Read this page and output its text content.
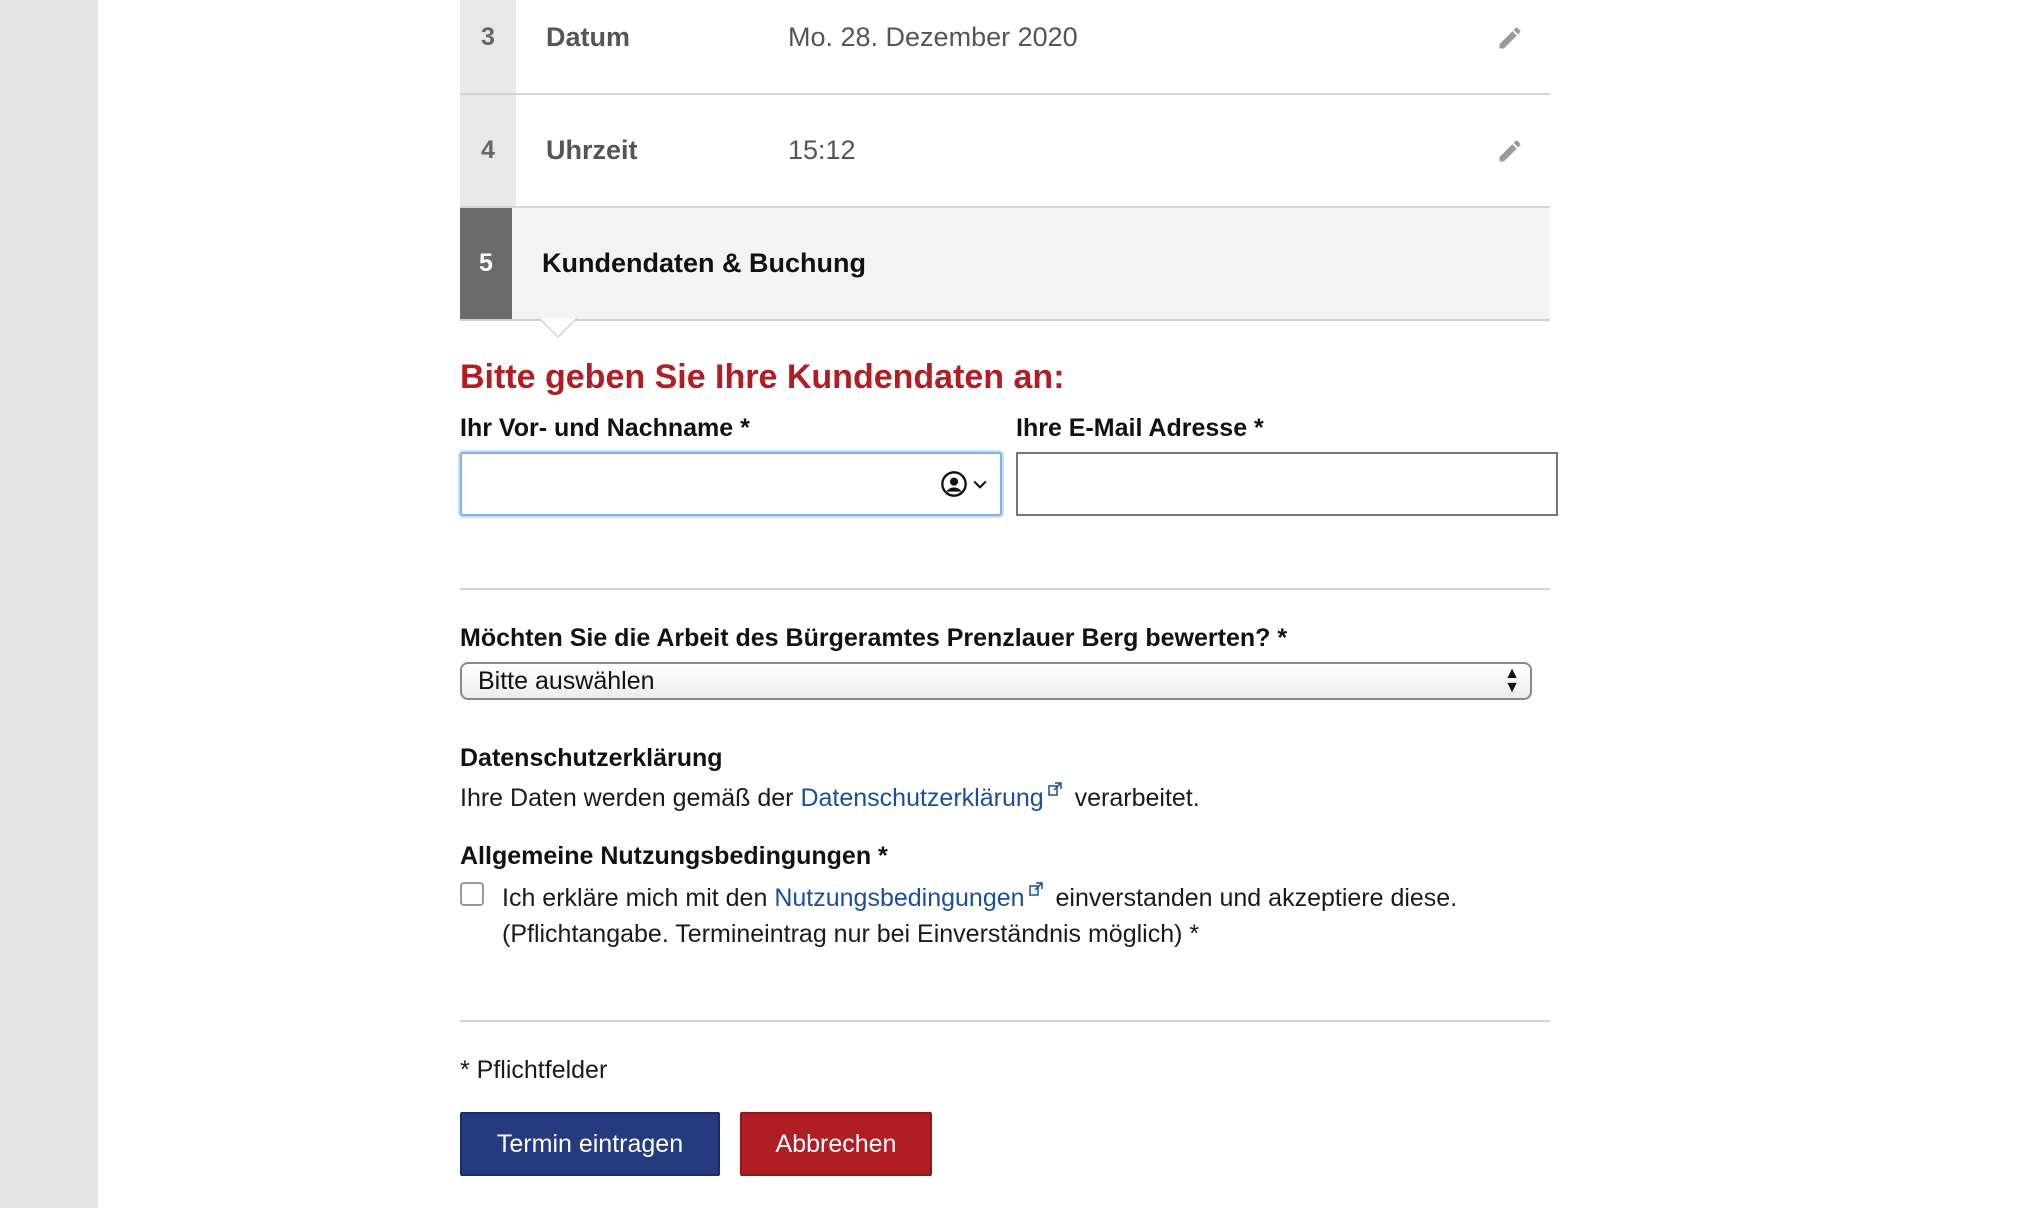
3	Datum	Mo. 28. Dezember 2020
4	Uhrzeit	15:12
5	Kundendaten & Buchung
Bitte geben Sie Ihre Kundendaten an:
Ihr Vor- und Nachname *	Ihre E-Mail Adresse *
Möchten Sie die Arbeit des Bürgeramtes Prenzlauer Berg bewerten? *
Bitte auswählen	▲
▼
Datenschutzerklärung
Ihre Daten werden gemäß der Datenschutzerklärung verarbeitet.
Allgemeine Nutzungsbedingungen *
Ich erkläre mich mit den Nutzungsbedingungen einverstanden und akzeptiere diese.
(Pflichtangabe. Termineintrag nur bei Einverständnis möglich) *
* Pflichtfelder
Termin eintragen	Abbrechen
